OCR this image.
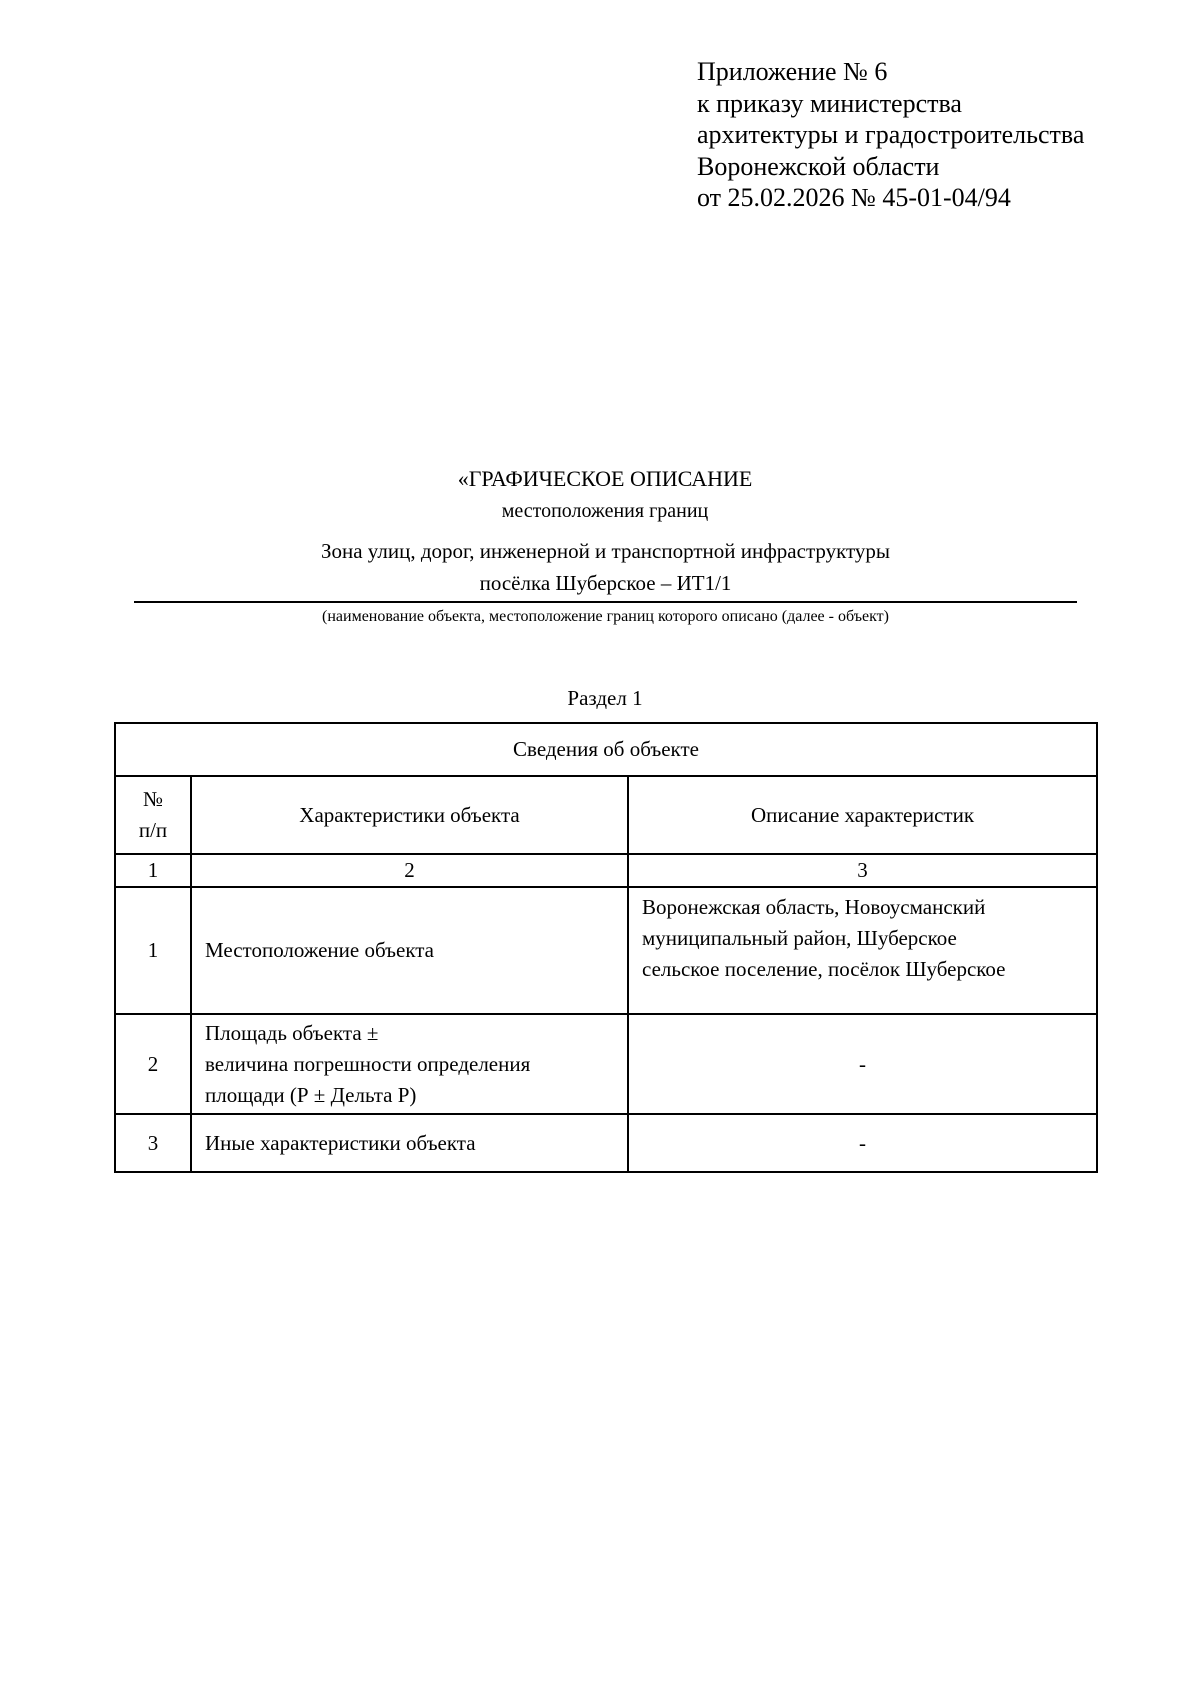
Приложение № 6
к приказу министерства
архитектуры и градостроительства
Воронежской области
от 25.02.2026 № 45-01-04/94
«ГРАФИЧЕСКОЕ ОПИСАНИЕ
местоположения границ
Зона улиц, дорог, инженерной и транспортной инфраструктуры
посёлка Шуберское – ИТ1/1
(наименование объекта, местоположение границ которого описано (далее - объект)
Раздел 1
Сведения об объекте		

№
п/п	Характеристики объекта	Описание характеристик
1	2	3
1	Местоположение объекта	Воронежская область, Новоусманский
муниципальный район, Шуберское
сельское поселение, посёлок Шуберское

2	Площадь объекта ±
величина погрешности определения
площади (Р ± Дельта Р)	-
3	Иные характеристики объекта	-
